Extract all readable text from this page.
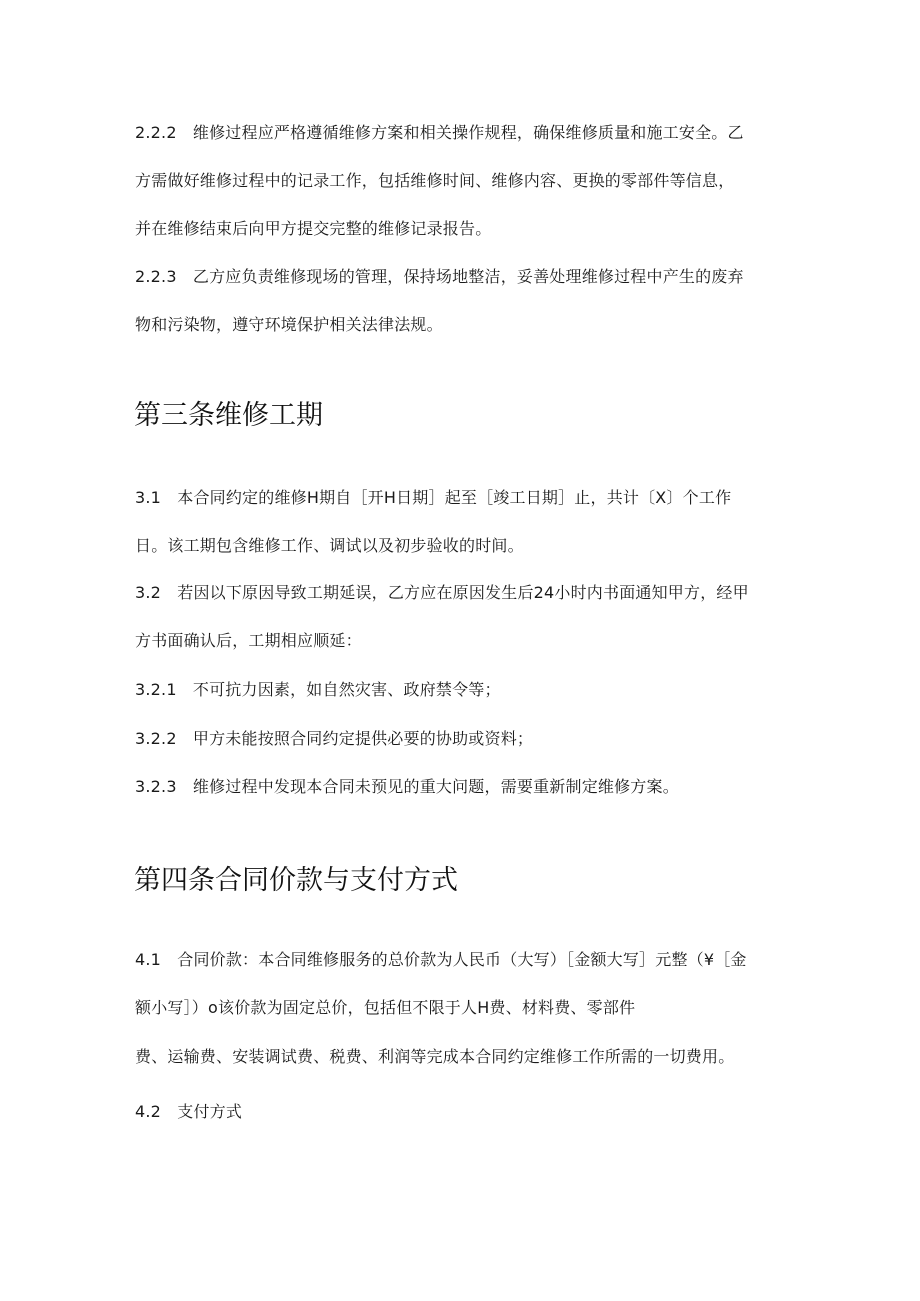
2.2.2　维修过程应严格遵循维修方案和相关操作规程，确保维修质量和施工安全。乙
方需做好维修过程中的记录工作，包括维修时间、维修内容、更换的零部件等信息，
并在维修结束后向甲方提交完整的维修记录报告。
2.2.3　乙方应负责维修现场的管理，保持场地整洁，妥善处理维修过程中产生的废弃
物和污染物，遵守环境保护相关法律法规。
第三条维修工期
3.1　本合同约定的维修H期自［开H日期］起至［竣工日期］止，共计〔X〕个工作
日。该工期包含维修工作、调试以及初步验收的时间。
3.2　若因以下原因导致工期延误，乙方应在原因发生后24小时内书面通知甲方，经甲
方书面确认后，工期相应顺延：
3.2.1　不可抗力因素，如自然灾害、政府禁令等；
3.2.2　甲方未能按照合同约定提供必要的协助或资料；
3.2.3　维修过程中发现本合同未预见的重大问题，需要重新制定维修方案。
第四条合同价款与支付方式
4.1　合同价款：本合同维修服务的总价款为人民币（大写）［金额大写］元整（¥［金
额小写］）o该价款为固定总价，包括但不限于人H费、材料费、零部件
费、运输费、安装调试费、税费、利润等完成本合同约定维修工作所需的一切费用。
4.2　支付方式
